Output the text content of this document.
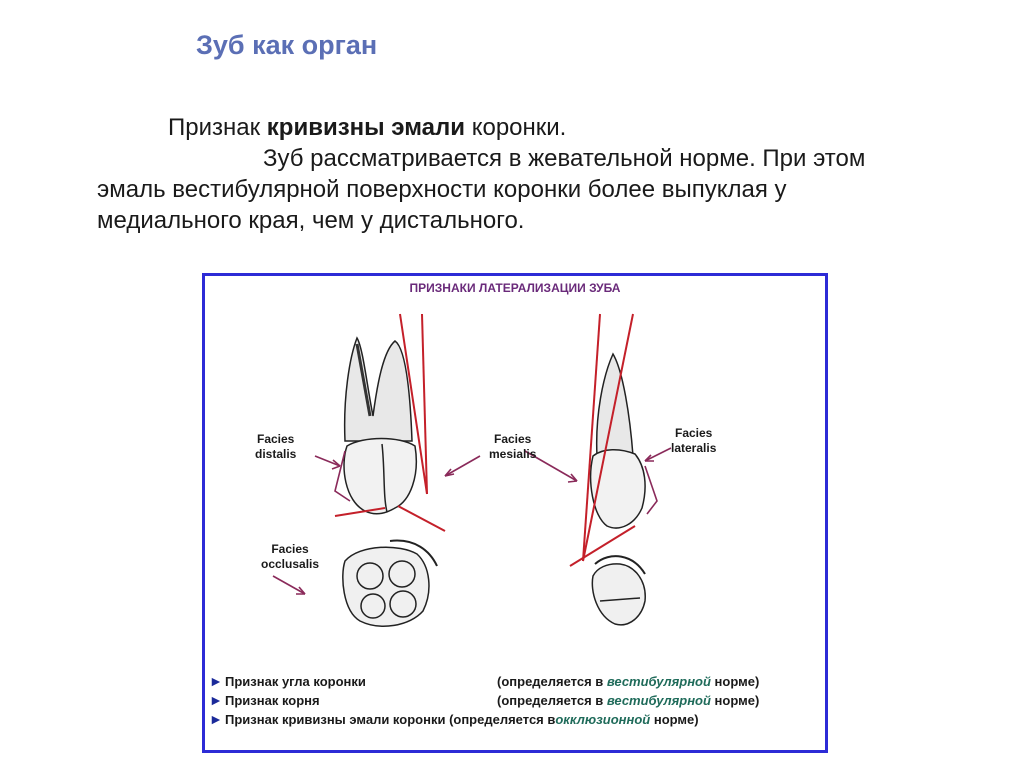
Зуб как орган
Признак кривизны эмали коронки.
Зуб рассматривается в жевательной норме. При этом
эмаль вестибулярной поверхности коронки более выпуклая у
медиального края, чем у дистального.
ПРИЗНАКИ ЛАТЕРАЛИЗАЦИИ ЗУБА
Facies
distalis
Facies
mesialis
Facies
lateralis
Facies
occlusalis
► Признак угла коронки	(определяется в вестибулярной норме)
► Признак корня	(определяется в вестибулярной норме)
► Признак кривизны эмали коронки (определяется вокклюзионной норме)
